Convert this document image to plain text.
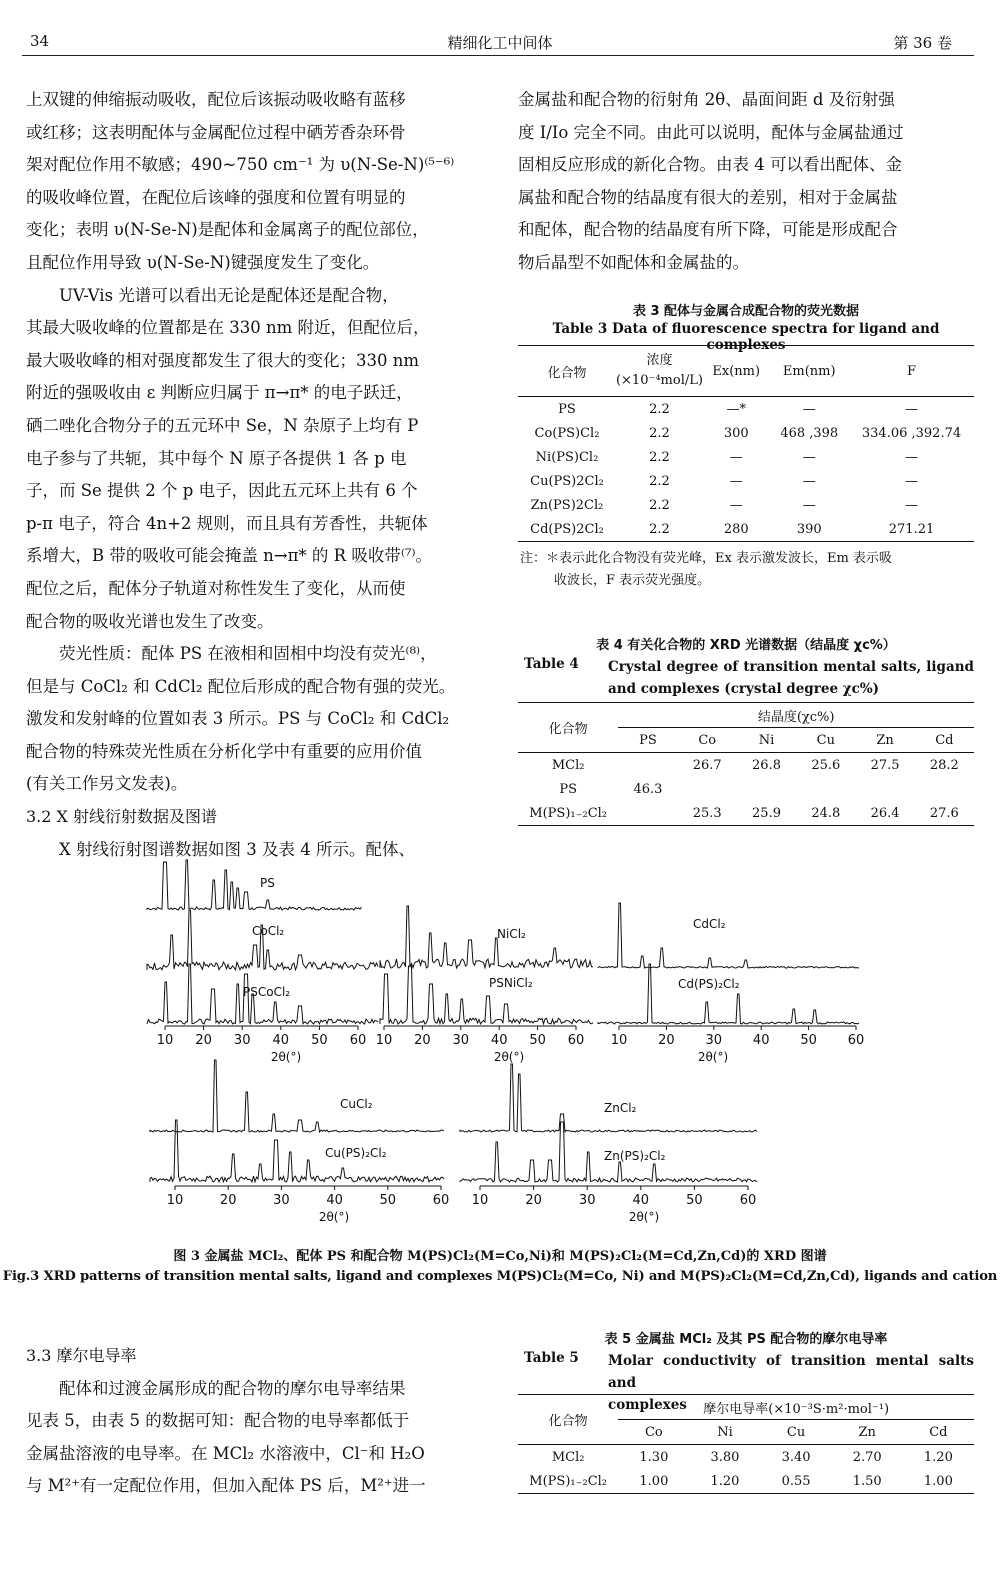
34	精细化工中间体	第 36 卷

上双键的伸缩振动吸收，配位后该振动吸收略有蓝移

或红移；这表明配体与金属配位过程中硒芳香杂环骨

架对配位作用不敏感；490~750 cm⁻¹ 为 υ(N-Se-N)⁽⁵⁻⁶⁾

的吸收峰位置，在配位后该峰的强度和位置有明显的

变化；表明 υ(N-Se-N)是配体和金属离子的配位部位，

且配位作用导致 υ(N-Se-N)键强度发生了变化。

UV-Vis 光谱可以看出无论是配体还是配合物，

其最大吸收峰的位置都是在 330 nm 附近，但配位后，

最大吸收峰的相对强度都发生了很大的变化；330 nm

附近的强吸收由 ε 判断应归属于 π→π* 的电子跃迁，

硒二唑化合物分子的五元环中 Se，N 杂原子上均有 P

电子参与了共轭，其中每个 N 原子各提供 1 各 p 电

子，而 Se 提供 2 个 p 电子，因此五元环上共有 6 个

p-π 电子，符合 4n+2 规则，而且具有芳香性，共轭体

系增大，B 带的吸收可能会掩盖 n→π* 的 R 吸收带⁽⁷⁾。

配位之后，配体分子轨道对称性发生了变化，从而使

配合物的吸收光谱也发生了改变。

荧光性质：配体 PS 在液相和固相中均没有荧光⁽⁸⁾，

但是与 CoCl₂ 和 CdCl₂ 配位后形成的配合物有强的荧光。

激发和发射峰的位置如表 3 所示。PS 与 CoCl₂ 和 CdCl₂

配合物的特殊荧光性质在分析化学中有重要的应用价值

(有关工作另文发表)。

3.2 X 射线衍射数据及图谱

X 射线衍射图谱数据如图 3 及表 4 所示。配体、

金属盐和配合物的衍射角 2θ、晶面间距 d 及衍射强

度 I/Io 完全不同。由此可以说明，配体与金属盐通过

固相反应形成的新化合物。由表 4 可以看出配体、金

属盐和配合物的结晶度有很大的差别，相对于金属盐

和配体，配合物的结晶度有所下降，可能是形成配合

物后晶型不如配体和金属盐的。

表 3 配体与金属合成配合物的荧光数据
Table 3 Data of fluorescence spectra for ligand and complexes
化合物	浓度
(×10⁻⁴mol/L)	Ex(nm)	Em(nm)	F
PS	2.2	—*	—	—
Co(PS)Cl₂	2.2	300	468 ,398	334.06 ,392.74
Ni(PS)Cl₂	2.2	—	—	—
Cu(PS)2Cl₂	2.2	—	—	—
Zn(PS)2Cl₂	2.2	—	—	—
Cd(PS)2Cl₂	2.2	280	390	271.21
注：＊表示此化合物没有荧光峰，Ex 表示激发波长，Em 表示吸
收波长，F 表示荧光强度。
表 4 有关化合物的 XRD 光谱数据（结晶度 χc%）
Table 4 Crystal degree of transition mental salts, ligand
and complexes (crystal degree χc%)
化合物	结晶度(χc%)					
	PS	Co	Ni	Cu	Zn	Cd
MCl₂		26.7	26.8	25.6	27.5	28.2
PS	46.3					
M(PS)₁₋₂Cl₂		25.3	25.9	24.8	26.4	27.6
PS
CoCl₂
PSCoCl₂
NiCl₂
PSNiCl₂
CdCl₂
Cd(PS)₂Cl₂
CuCl₂
Cu(PS)₂Cl₂
ZnCl₂
Zn(PS)₂Cl₂
10 20 30 40 50 60
2θ(°)
10 20 30 40 50 60
2θ(°)
10 20 30 40 50 60
2θ(°)
10	20	30	40	50	60
2θ(°)
10	20	30	40	50	60
2θ(°)
图 3 金属盐 MCl₂、配体 PS 和配合物 M(PS)Cl₂(M=Co,Ni)和 M(PS)₂Cl₂(M=Cd,Zn,Cd)的 XRD 图谱
Fig.3 XRD patterns of transition mental salts, ligand and complexes M(PS)Cl₂(M=Co, Ni) and M(PS)₂Cl₂(M=Cd,Zn,Cd), ligands and cation

3.3 摩尔电导率

配体和过渡金属形成的配合物的摩尔电导率结果

见表 5，由表 5 的数据可知：配合物的电导率都低于

金属盐溶液的电导率。在 MCl₂ 水溶液中，Cl⁻和 H₂O

与 M²⁺有一定配位作用，但加入配体 PS 后，M²⁺进一

表 5 金属盐 MCl₂ 及其 PS 配合物的摩尔电导率
Table 5 Molar conductivity of transition mental salts and
complexes
化合物	摩尔电导率(×10⁻³S·m²·mol⁻¹)				
	Co	Ni	Cu	Zn	Cd
MCl₂	1.30	3.80	3.40	2.70	1.20
M(PS)₁₋₂Cl₂	1.00	1.20	0.55	1.50	1.00
